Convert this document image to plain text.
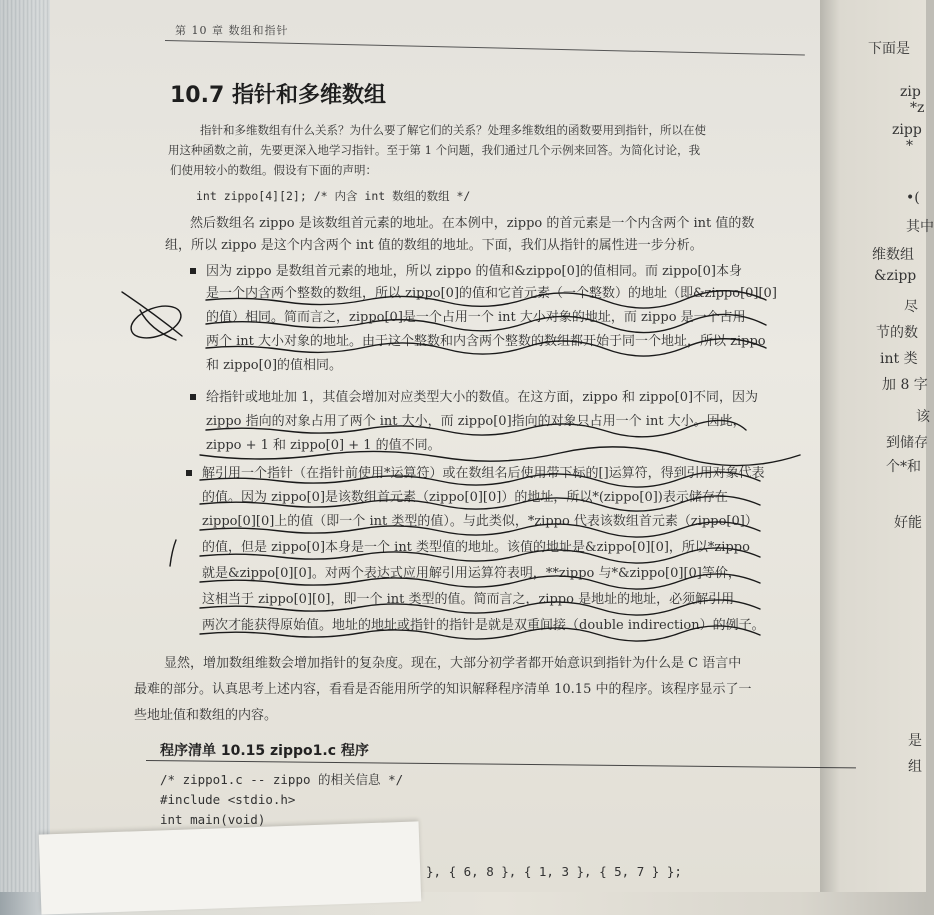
下面是
zip
*z
zipp
*
•(
其中
维数组
&zipp
尽
节的数
int 类
加 8 字
该
到储存
个*和
好能
是
组
第 10 章 数组和指针
10.7 指针和多维数组
指针和多维数组有什么关系？为什么要了解它们的关系？处理多维数组的函数要用到指针，所以在使
用这种函数之前，先要更深入地学习指针。至于第 1 个问题，我们通过几个示例来回答。为简化讨论，我
们使用较小的数组。假设有下面的声明：
int zippo[4][2]; /* 内含 int 数组的数组 */
然后数组名 zippo 是该数组首元素的地址。在本例中，zippo 的首元素是一个内含两个 int 值的数
组，所以 zippo 是这个内含两个 int 值的数组的地址。下面，我们从指针的属性进一步分析。
因为 zippo 是数组首元素的地址，所以 zippo 的值和&zippo[0]的值相同。而 zippo[0]本身
是一个内含两个整数的数组，所以 zippo[0]的值和它首元素（一个整数）的地址（即&zippo[0][0]
的值）相同。简而言之，zippo[0]是一个占用一个 int 大小对象的地址，而 zippo 是一个占用
两个 int 大小对象的地址。由于这个整数和内含两个整数的数组都开始于同一个地址，所以 zippo
和 zippo[0]的值相同。
给指针或地址加 1，其值会增加对应类型大小的数值。在这方面，zippo 和 zippo[0]不同，因为
zippo 指向的对象占用了两个 int 大小，而 zippo[0]指向的对象只占用一个 int 大小。因此，
zippo + 1 和 zippo[0] + 1 的值不同。
解引用一个指针（在指针前使用*运算符）或在数组名后使用带下标的[]运算符，得到引用对象代表
的值。因为 zippo[0]是该数组首元素（zippo[0][0]）的地址，所以*(zippo[0])表示储存在
zippo[0][0]上的值（即一个 int 类型的值）。与此类似，*zippo 代表该数组首元素（zippo[0]）
的值，但是 zippo[0]本身是一个 int 类型值的地址。该值的地址是&zippo[0][0]，所以*zippo
就是&zippo[0][0]。对两个表达式应用解引用运算符表明，**zippo 与*&zippo[0][0]等价，
这相当于 zippo[0][0]，即一个 int 类型的值。简而言之，zippo 是地址的地址，必须解引用
两次才能获得原始值。地址的地址或指针的指针是就是双重间接（double indirection）的例子。
显然，增加数组维数会增加指针的复杂度。现在，大部分初学者都开始意识到指针为什么是 C 语言中
最难的部分。认真思考上述内容，看看是否能用所学的知识解释程序清单 10.15 中的程序。该程序显示了一
些地址值和数组的内容。
程序清单 10.15 zippo1.c 程序
/* zippo1.c -- zippo 的相关信息 */
#include <stdio.h>
int main(void)
}, { 6, 8 }, { 1, 3 }, { 5, 7 } };
